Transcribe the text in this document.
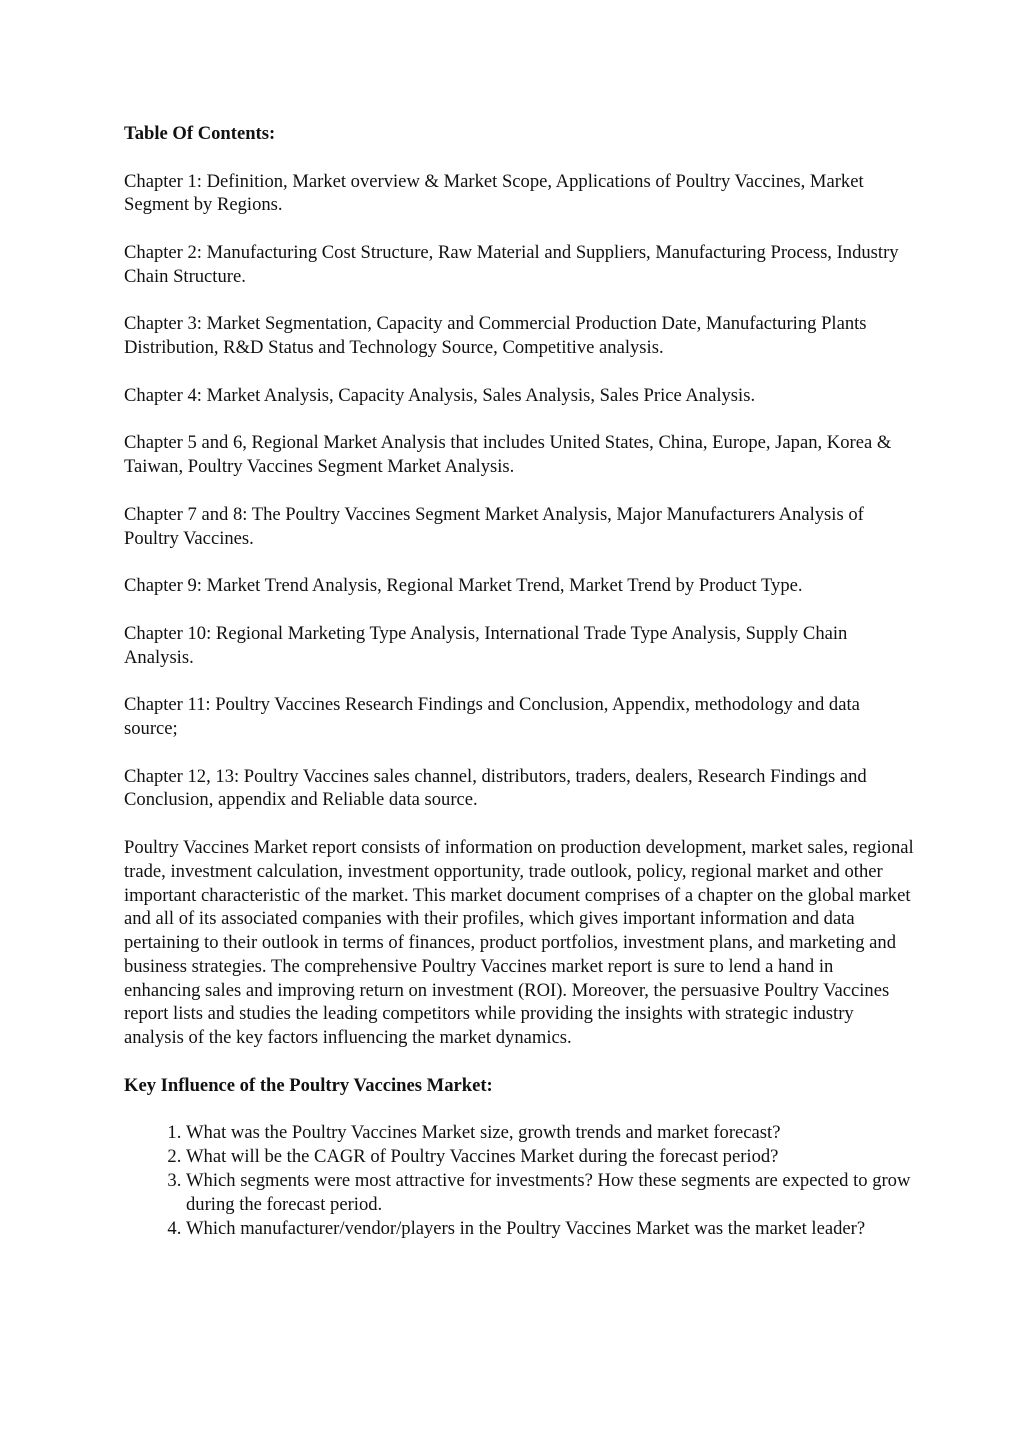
Table Of Contents:

Chapter 1: Definition, Market overview & Market Scope, Applications of Poultry Vaccines, Market Segment by Regions.

Chapter 2: Manufacturing Cost Structure, Raw Material and Suppliers, Manufacturing Process, Industry Chain Structure.

Chapter 3: Market Segmentation, Capacity and Commercial Production Date, Manufacturing Plants Distribution, R&D Status and Technology Source, Competitive analysis.

Chapter 4: Market Analysis, Capacity Analysis, Sales Analysis, Sales Price Analysis.

Chapter 5 and 6, Regional Market Analysis that includes United States, China, Europe, Japan, Korea & Taiwan, Poultry Vaccines Segment Market Analysis.

Chapter 7 and 8: The Poultry Vaccines Segment Market Analysis, Major Manufacturers Analysis of Poultry Vaccines.

Chapter 9: Market Trend Analysis, Regional Market Trend, Market Trend by Product Type.

Chapter 10: Regional Marketing Type Analysis, International Trade Type Analysis, Supply Chain Analysis.

Chapter 11: Poultry Vaccines Research Findings and Conclusion, Appendix, methodology and data source;

Chapter 12, 13: Poultry Vaccines sales channel, distributors, traders, dealers, Research Findings and Conclusion, appendix and Reliable data source.

Poultry Vaccines Market report consists of information on production development, market sales, regional trade, investment calculation, investment opportunity, trade outlook, policy, regional market and other important characteristic of the market. This market document comprises of a chapter on the global market and all of its associated companies with their profiles, which gives important information and data pertaining to their outlook in terms of finances, product portfolios, investment plans, and marketing and business strategies. The comprehensive Poultry Vaccines market report is sure to lend a hand in enhancing sales and improving return on investment (ROI). Moreover, the persuasive Poultry Vaccines report lists and studies the leading competitors while providing the insights with strategic industry analysis of the key factors influencing the market dynamics.

Key Influence of the Poultry Vaccines Market:

1. What was the Poultry Vaccines Market size, growth trends and market forecast?
2. What will be the CAGR of Poultry Vaccines Market during the forecast period?
3. Which segments were most attractive for investments? How these segments are expected to grow during the forecast period.
4. Which manufacturer/vendor/players in the Poultry Vaccines Market was the market leader?
